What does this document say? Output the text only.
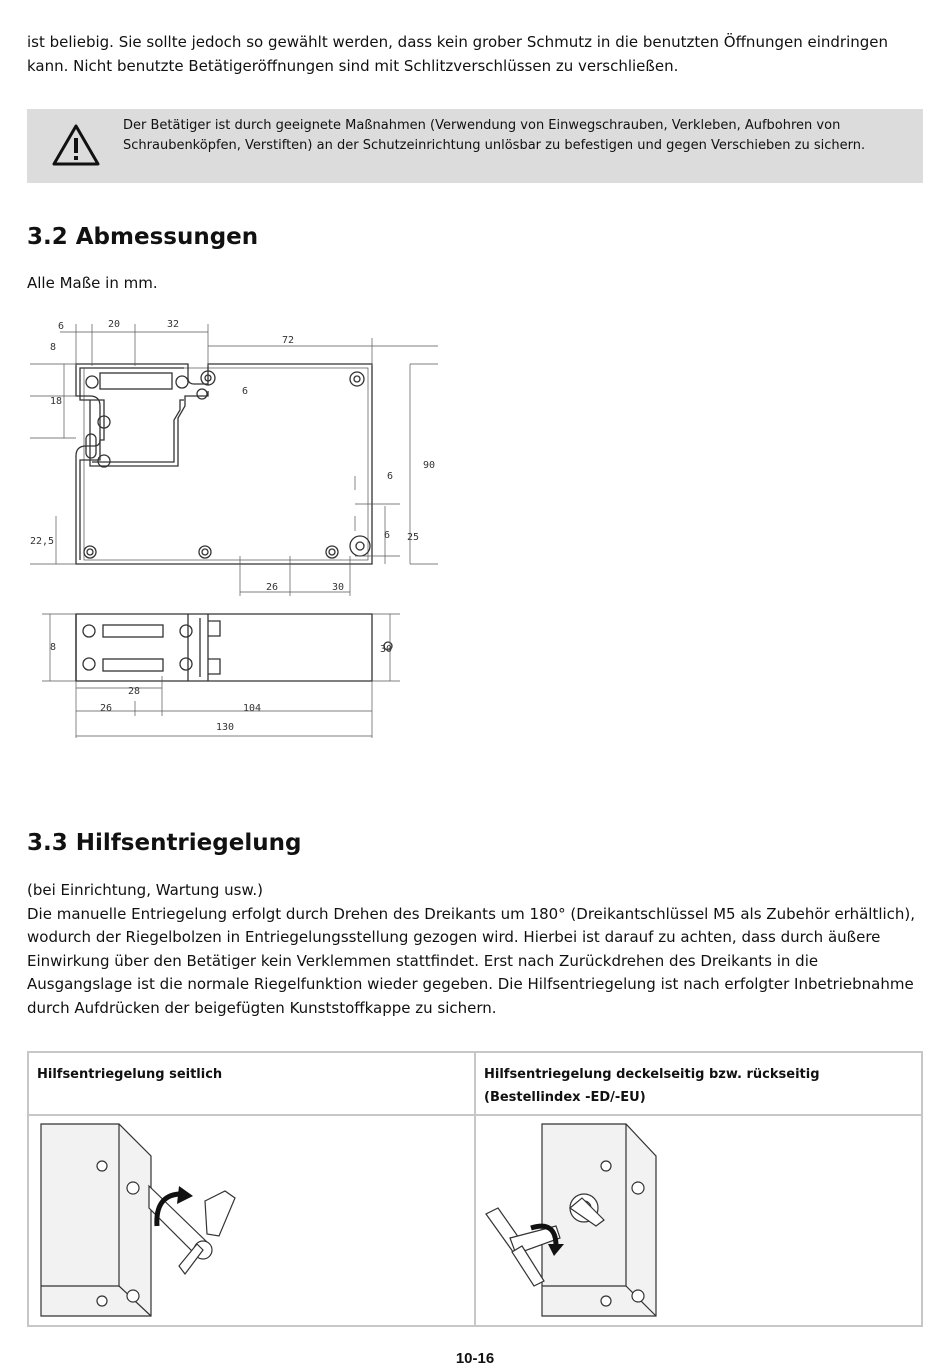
ist beliebig. Sie sollte jedoch so gewählt werden, dass kein grober Schmutz in die benutzten Öffnungen eindringen kann. Nicht benutzte Betätigeröffnungen sind mit Schlitzverschlüssen zu verschließen.

Der Betätiger ist durch geeignete Maßnahmen (Verwendung von Einwegschrauben, Verkleben, Aufbohren von Schraubenköpfen, Verstiften) an der Schutzeinrichtung unlösbar zu befestigen und gegen Verschieben zu sichern.
3.2 Abmessungen

Alle Maße in mm.

6	20	32
72
8
18
22,5
6
6
6 25
90
26	30
8	30
28
26	104
130
3.3 Hilfsentriegelung

(bei Einrichtung, Wartung usw.)
Die manuelle Entriegelung erfolgt durch Drehen des Dreikants um 180° (Dreikantschlüssel M5 als Zubehör erhältlich), wodurch der Riegelbolzen in Entriegelungsstellung gezogen wird. Hierbei ist darauf zu achten, dass durch äußere Einwirkung über den Betätiger kein Verklemmen stattfindet. Erst nach Zurückdrehen des Dreikants in die Ausgangslage ist die normale Riegelfunktion wieder gegeben. Die Hilfsentriegelung ist nach erfolgter Inbetriebnahme durch Aufdrücken der beigefügten Kunststoffkappe zu sichern.

Hilfsentriegelung seitlich	Hilfsentriegelung deckelseitig bzw. rückseitig (Bestellindex -ED/-EU)

10-16
